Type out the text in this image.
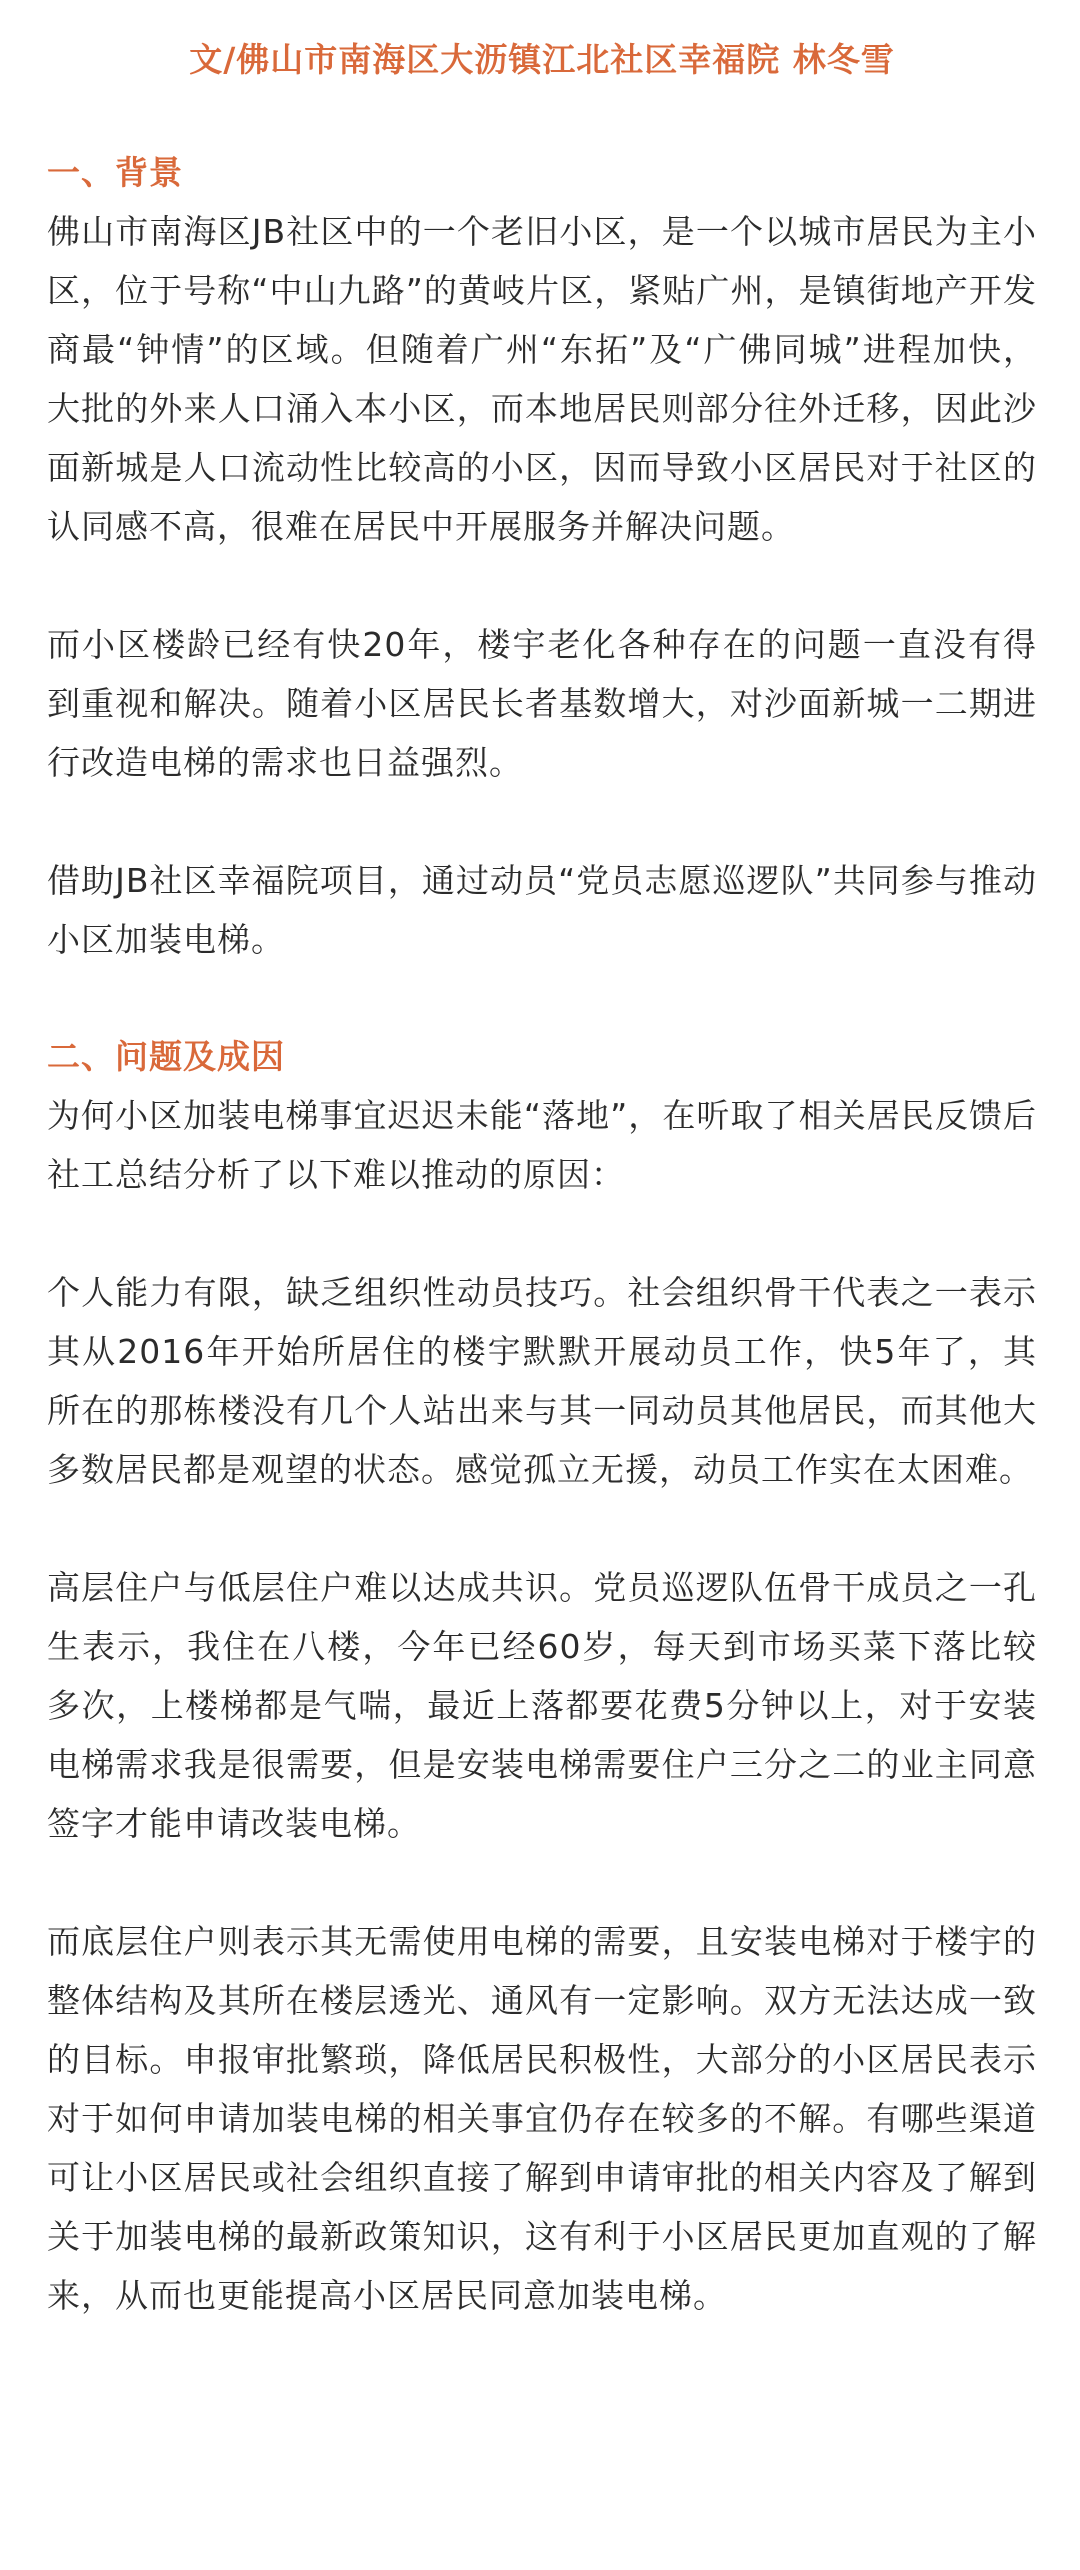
文/佛山市南海区大沥镇江北社区幸福院 林冬雪
一、背景

佛山市南海区JB社区中的一个老旧小区，是一个以城市居民为主小区，位于号称“中山九路”的黄岐片区，紧贴广州，是镇街地产开发商最“钟情”的区域。但随着广州“东拓”及“广佛同城”进程加快，大批的外来人口涌入本小区，而本地居民则部分往外迁移，因此沙面新城是人口流动性比较高的小区，因而导致小区居民对于社区的认同感不高，很难在居民中开展服务并解决问题。

而小区楼龄已经有快20年，楼宇老化各种存在的问题一直没有得到重视和解决。随着小区居民长者基数增大，对沙面新城一二期进行改造电梯的需求也日益强烈。

借助JB社区幸福院项目，通过动员“党员志愿巡逻队”共同参与推动小区加装电梯。

二、问题及成因

为何小区加装电梯事宜迟迟未能“落地”，在听取了相关居民反馈后社工总结分析了以下难以推动的原因：

个人能力有限，缺乏组织性动员技巧。社会组织骨干代表之一表示其从2016年开始所居住的楼宇默默开展动员工作，快5年了，其所在的那栋楼没有几个人站出来与其一同动员其他居民，而其他大多数居民都是观望的状态。感觉孤立无援，动员工作实在太困难。

高层住户与低层住户难以达成共识。党员巡逻队伍骨干成员之一孔生表示，我住在八楼，今年已经60岁，每天到市场买菜下落比较多次，上楼梯都是气喘，最近上落都要花费5分钟以上，对于安装电梯需求我是很需要，但是安装电梯需要住户三分之二的业主同意签字才能申请改装电梯。

而底层住户则表示其无需使用电梯的需要，且安装电梯对于楼宇的整体结构及其所在楼层透光、通风有一定影响。双方无法达成一致的目标。申报审批繁琐，降低居民积极性，大部分的小区居民表示对于如何申请加装电梯的相关事宜仍存在较多的不解。有哪些渠道可让小区居民或社会组织直接了解到申请审批的相关内容及了解到关于加装电梯的最新政策知识，这有利于小区居民更加直观的了解来，从而也更能提高小区居民同意加装电梯。
